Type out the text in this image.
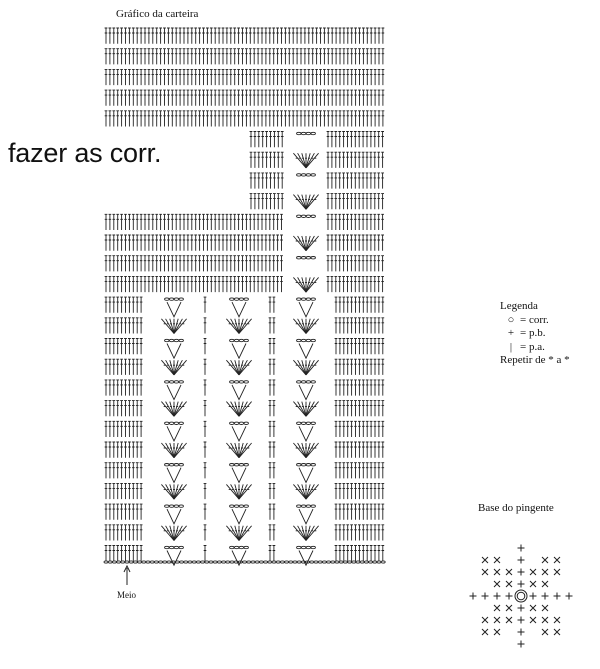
Gráfico da carteira
fazer as corr.
Legenda
○ = corr.
+ = p.b.
| = p.a.
Repetir de * a *
Base do pingente
Meio
